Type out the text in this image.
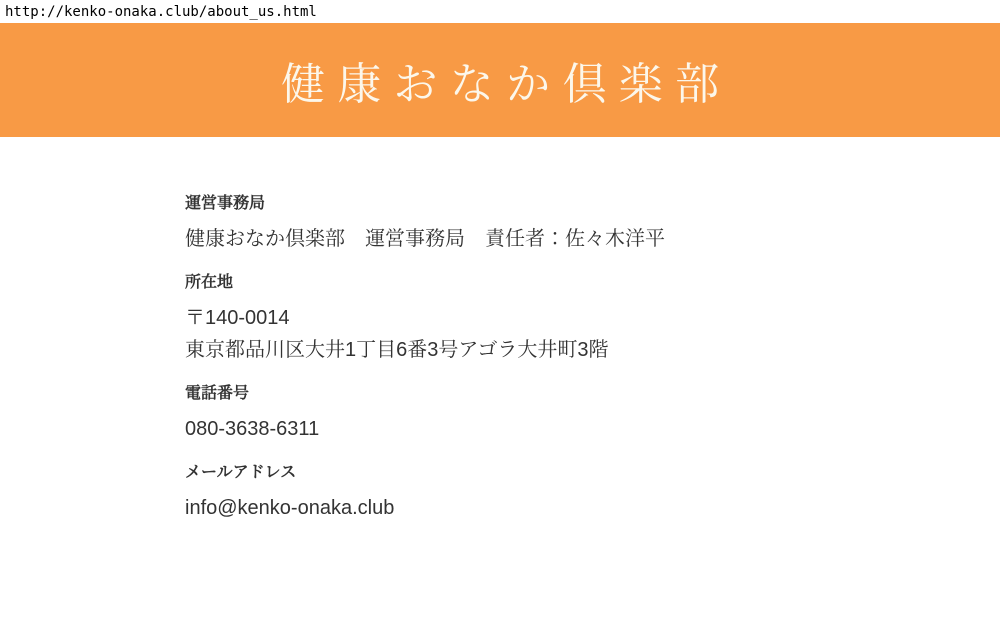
http://kenko-onaka.club/about_us.html
健康おなか倶楽部
運営事務局

健康おなか倶楽部　運営事務局　責任者：佐々木洋平

所在地

〒140-0014

東京都品川区大井1丁目6番3号アゴラ大井町3階

電話番号

080-3638-6311

メールアドレス

info@kenko-onaka.club
